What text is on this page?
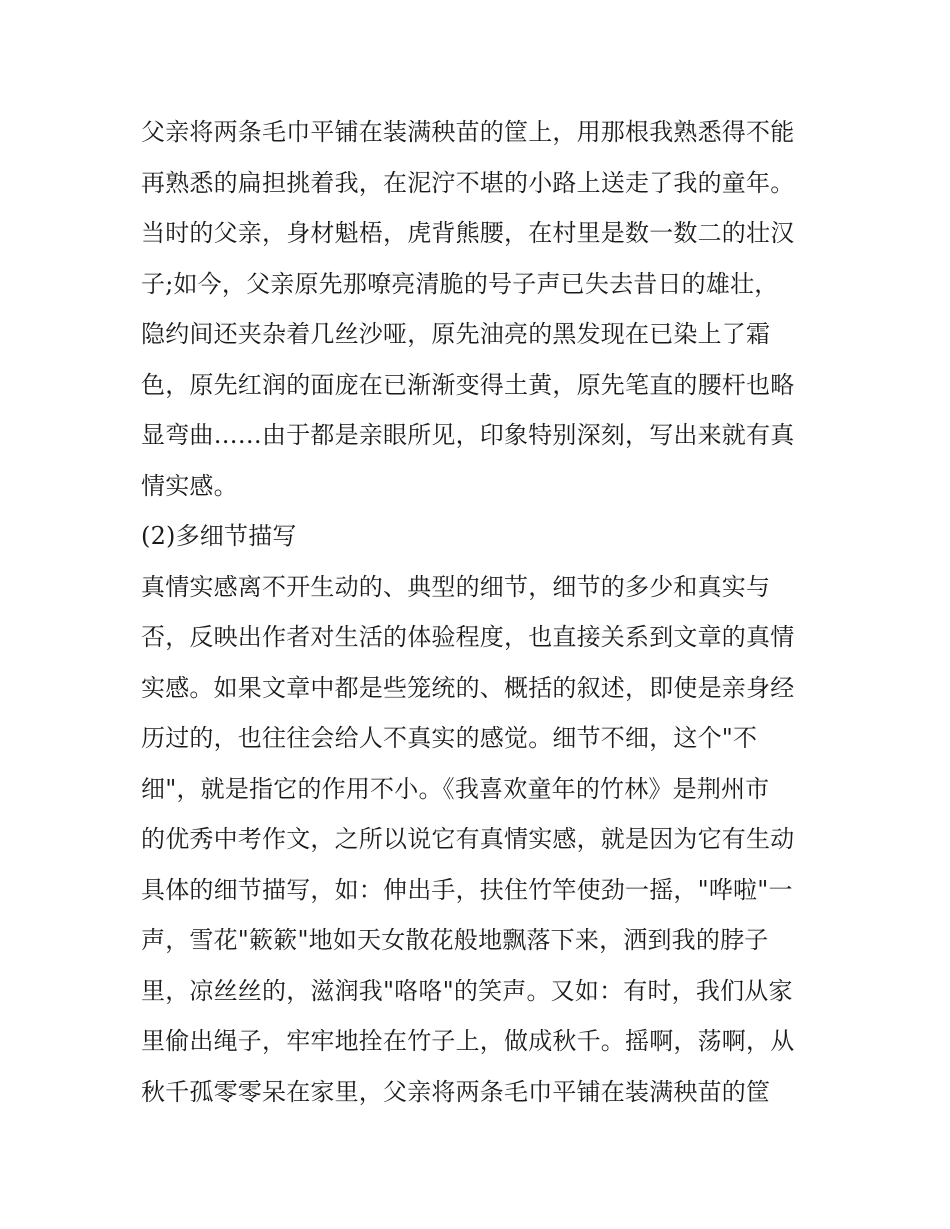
父亲将两条毛巾平铺在装满秧苗的筐上，用那根我熟悉得不能
再熟悉的扁担挑着我，在泥泞不堪的小路上送走了我的童年。
当时的父亲，身材魁梧，虎背熊腰，在村里是数一数二的壮汉
子;如今，父亲原先那嘹亮清脆的号子声已失去昔日的雄壮，
隐约间还夹杂着几丝沙哑，原先油亮的黑发现在已染上了霜
色，原先红润的面庞在已渐渐变得土黄，原先笔直的腰杆也略
显弯曲……由于都是亲眼所见，印象特别深刻，写出来就有真
情实感。
(2)多细节描写
真情实感离不开生动的、典型的细节，细节的多少和真实与
否，反映出作者对生活的体验程度，也直接关系到文章的真情
实感。如果文章中都是些笼统的、概括的叙述，即使是亲身经
历过的，也往往会给人不真实的感觉。细节不细，这个"不
细"，就是指它的作用不小。《我喜欢童年的竹林》是荆州市
的优秀中考作文，之所以说它有真情实感，就是因为它有生动
具体的细节描写，如：伸出手，扶住竹竿使劲一摇，"哗啦"一
声，雪花"簌簌"地如天女散花般地飘落下来，洒到我的脖子
里，凉丝丝的，滋润我"咯咯"的笑声。又如：有时，我们从家
里偷出绳子，牢牢地拴在竹子上，做成秋千。摇啊，荡啊，从
秋千孤零零呆在家里，父亲将两条毛巾平铺在装满秧苗的筐
